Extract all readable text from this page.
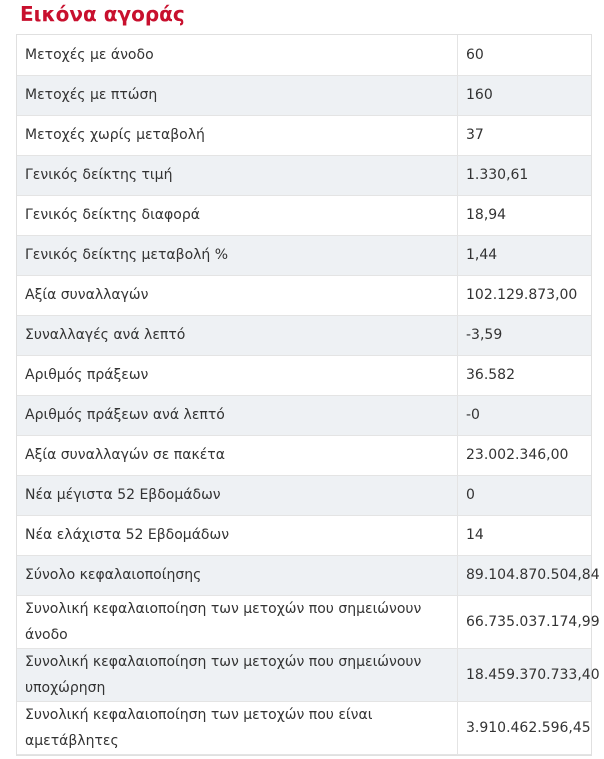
Εικόνα αγοράς
Μετοχές με άνοδο	60
Μετοχές με πτώση	160
Μετοχές χωρίς μεταβολή	37
Γενικός δείκτης τιμή	1.330,61
Γενικός δείκτης διαφορά	18,94
Γενικός δείκτης μεταβολή %	1,44
Αξία συναλλαγών	102.129.873,00
Συναλλαγές ανά λεπτό	-3,59
Αριθμός πράξεων	36.582
Αριθμός πράξεων ανά λεπτό	-0
Αξία συναλλαγών σε πακέτα	23.002.346,00
Νέα μέγιστα 52 Εβδομάδων	0
Νέα ελάχιστα 52 Εβδομάδων	14
Σύνολο κεφαλαιοποίησης	89.104.870.504,84
Συνολική κεφαλαιοποίηση των μετοχών που σημειώνουν άνοδο	66.735.037.174,99
Συνολική κεφαλαιοποίηση των μετοχών που σημειώνουν υποχώρηση	18.459.370.733,40
Συνολική κεφαλαιοποίηση των μετοχών που είναι αμετάβλητες	3.910.462.596,45
